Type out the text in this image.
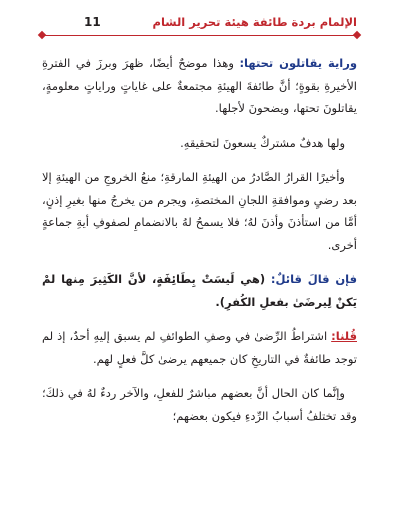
الإلمام بردة طائفة هيئة تحرير الشام
11

وراية يقاتلون تحتها: وهذا موضحٌ أيضًا، ظهرَ وبرزَ في الفترةِ الأخيرةِ بقوةٍ؛ أنَّ طائفةَ الهيئةِ مجتمعةٌ على غاياتٍ وراياتٍ معلومةٍ، يقاتلونَ تحتها، ويضحونَ لأجلها.

ولها هدفٌ مشتركٌ يسعونَ لتحقيقهِ.

وأخيرًا القرارُ الصَّادرُ من الهيئةِ المارقةِ؛ منعُ الخروجِ من الهيئةِ إلا بعد رضىٍ وموافقةِ اللجانِ المختصةِ، ويجرم من يخرجُ منها بغيرِ إذنٍ، أمَّا من استأذنَ وأذنَ لهُ؛ فلا يسمحُ لهُ بالانضمامِ لصفوفِ أيةِ جماعةٍ أخرى.

فإن قالَ قائلٌ: (هي لَيسَتْ بِطَائِفَةٍ، لأنَّ الكَثِيرَ مِنها لمْ يَكنْ لِيرضَىٰ بفعلِ الكُفرِ).

قُلنا: اشتراطُ الرِّضىٰ في وصفِ الطوائفِ لم يسبق إليهِ أحدٌ، إذ لم توجد طائفةٌ في التاريخِ كان جميعهم يرضىٰ كلَّ فعلٍ لهم.

وإنَّما كان الحال أنَّ بعضهم مباشرٌ للفعلِ، والآخر ردءٌ لهُ في ذلكَ؛ وقد تختلفُ أسبابُ الرِّدءِ فيكون بعضهم؛
